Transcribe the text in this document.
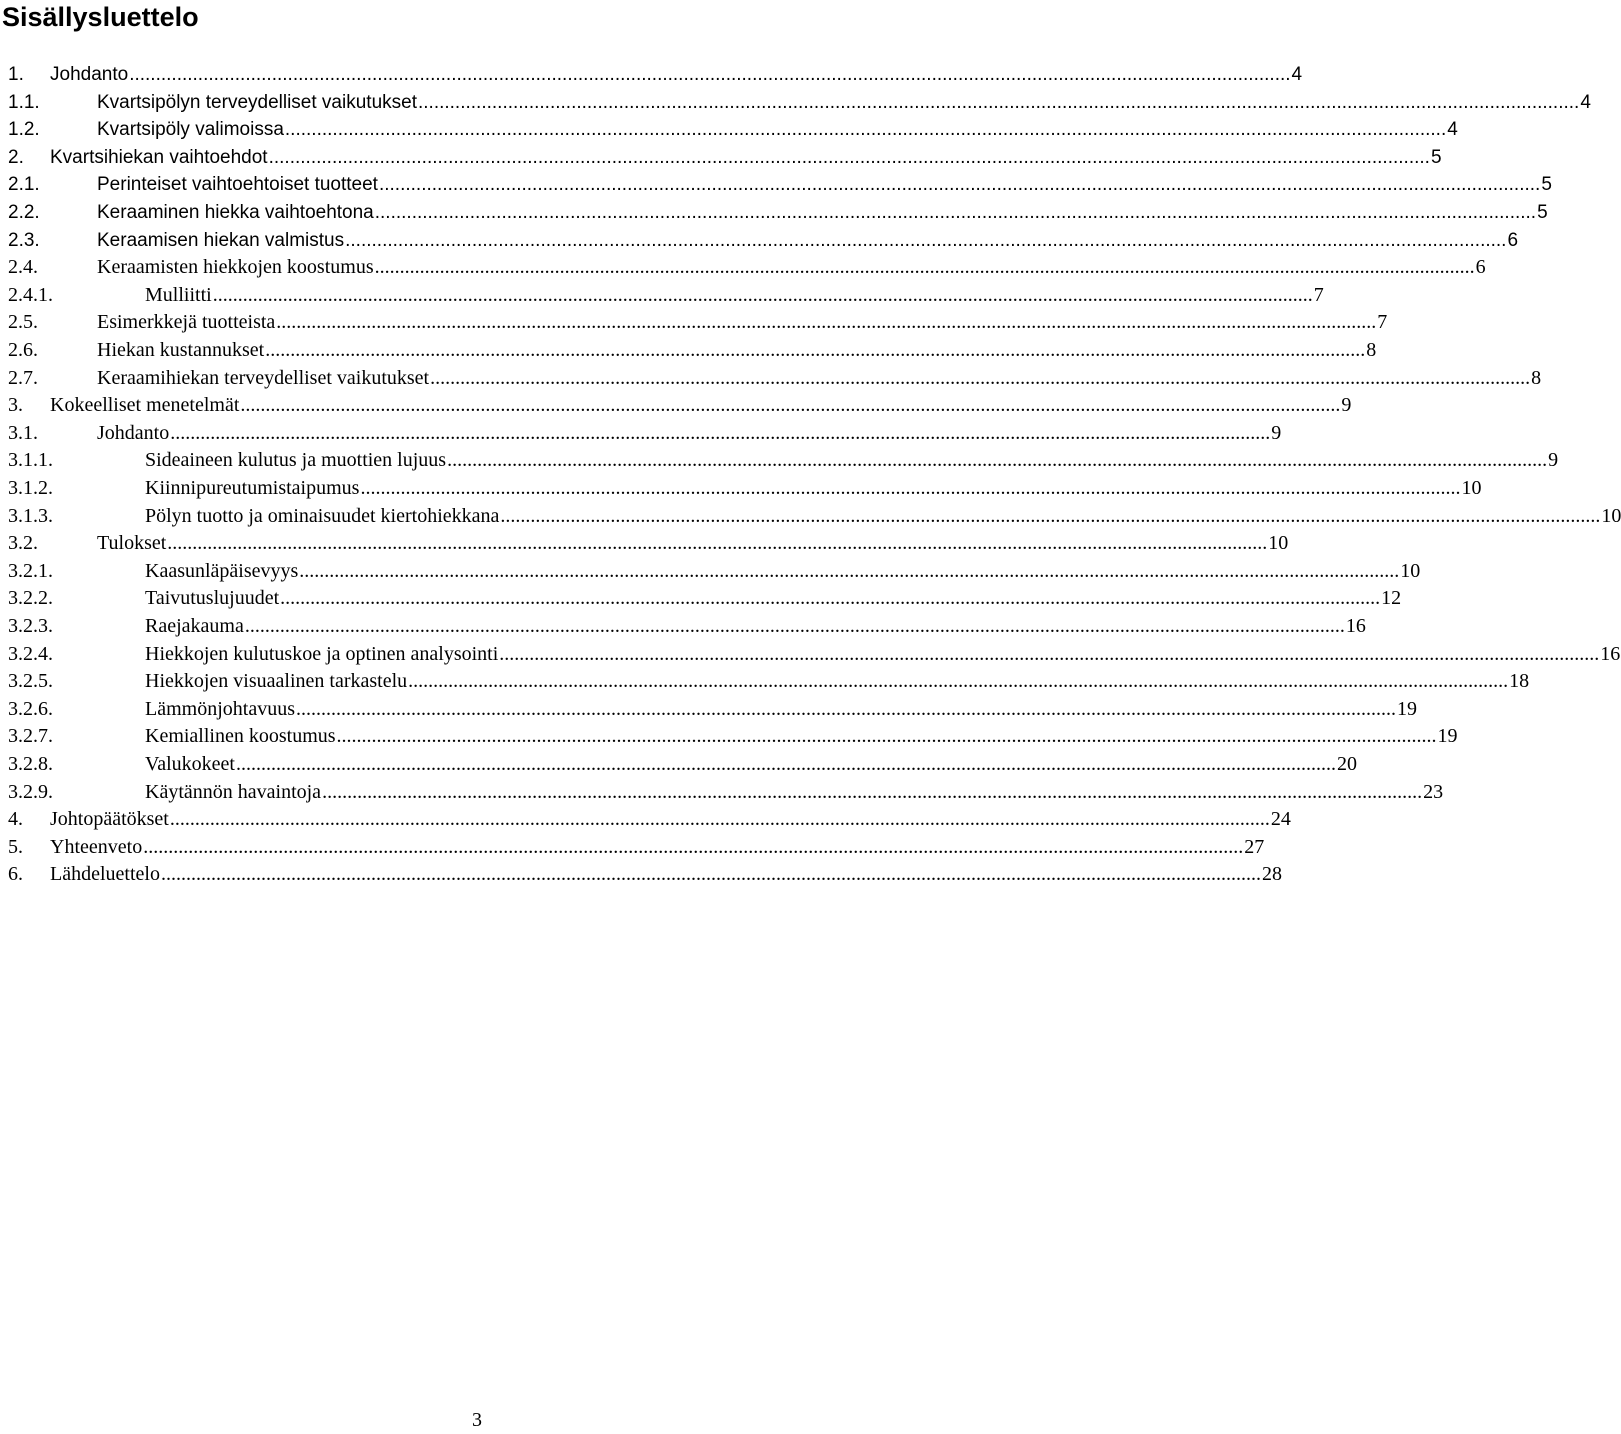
Sisällysluettelo
1. Johdanto ............................................................................................................................................................................................................................ 4
1.1.	Kvartsipölyn terveydelliset vaikutukset ............................................................................................................................................................................................................................ 4
1.2.	Kvartsipöly valimoissa ............................................................................................................................................................................................................................ 4
2. Kvartsihiekan vaihtoehdot ............................................................................................................................................................................................................................ 5
2.1.	Perinteiset vaihtoehtoiset tuotteet ............................................................................................................................................................................................................................ 5
2.2.	Keraaminen hiekka vaihtoehtona ............................................................................................................................................................................................................................ 5
2.3.	Keraamisen hiekan valmistus ............................................................................................................................................................................................................................ 6
2.4.	Keraamisten hiekkojen koostumus ............................................................................................................................................................................................................................ 6
2.4.1.	Mulliitti ............................................................................................................................................................................................................................ 7
2.5.	Esimerkkejä tuotteista ............................................................................................................................................................................................................................ 7
2.6.	Hiekan kustannukset ............................................................................................................................................................................................................................ 8
2.7.	Keraamihiekan terveydelliset vaikutukset ............................................................................................................................................................................................................................ 8
3. Kokeelliset menetelmät ............................................................................................................................................................................................................................ 9
3.1.	Johdanto ............................................................................................................................................................................................................................ 9
3.1.1.	Sideaineen kulutus ja muottien lujuus ............................................................................................................................................................................................................................ 9
3.1.2.	Kiinnipureutumistaipumus ............................................................................................................................................................................................................................ 10
3.1.3.	Pölyn tuotto ja ominaisuudet kiertohiekkana ............................................................................................................................................................................................................................ 10
3.2.	Tulokset ............................................................................................................................................................................................................................ 10
3.2.1.	Kaasunläpäisevyys ............................................................................................................................................................................................................................ 10
3.2.2.	Taivutuslujuudet ............................................................................................................................................................................................................................ 12
3.2.3.	Raejakauma ............................................................................................................................................................................................................................ 16
3.2.4.	Hiekkojen kulutuskoe ja optinen analysointi ............................................................................................................................................................................................................................ 16
3.2.5.	Hiekkojen visuaalinen tarkastelu ............................................................................................................................................................................................................................ 18
3.2.6.	Lämmönjohtavuus ............................................................................................................................................................................................................................ 19
3.2.7.	Kemiallinen koostumus ............................................................................................................................................................................................................................ 19
3.2.8.	Valukokeet ............................................................................................................................................................................................................................ 20
3.2.9.	Käytännön havaintoja ............................................................................................................................................................................................................................ 23
4. Johtopäätökset ............................................................................................................................................................................................................................ 24
5. Yhteenveto ............................................................................................................................................................................................................................ 27
6. Lähdeluettelo ............................................................................................................................................................................................................................ 28
3
